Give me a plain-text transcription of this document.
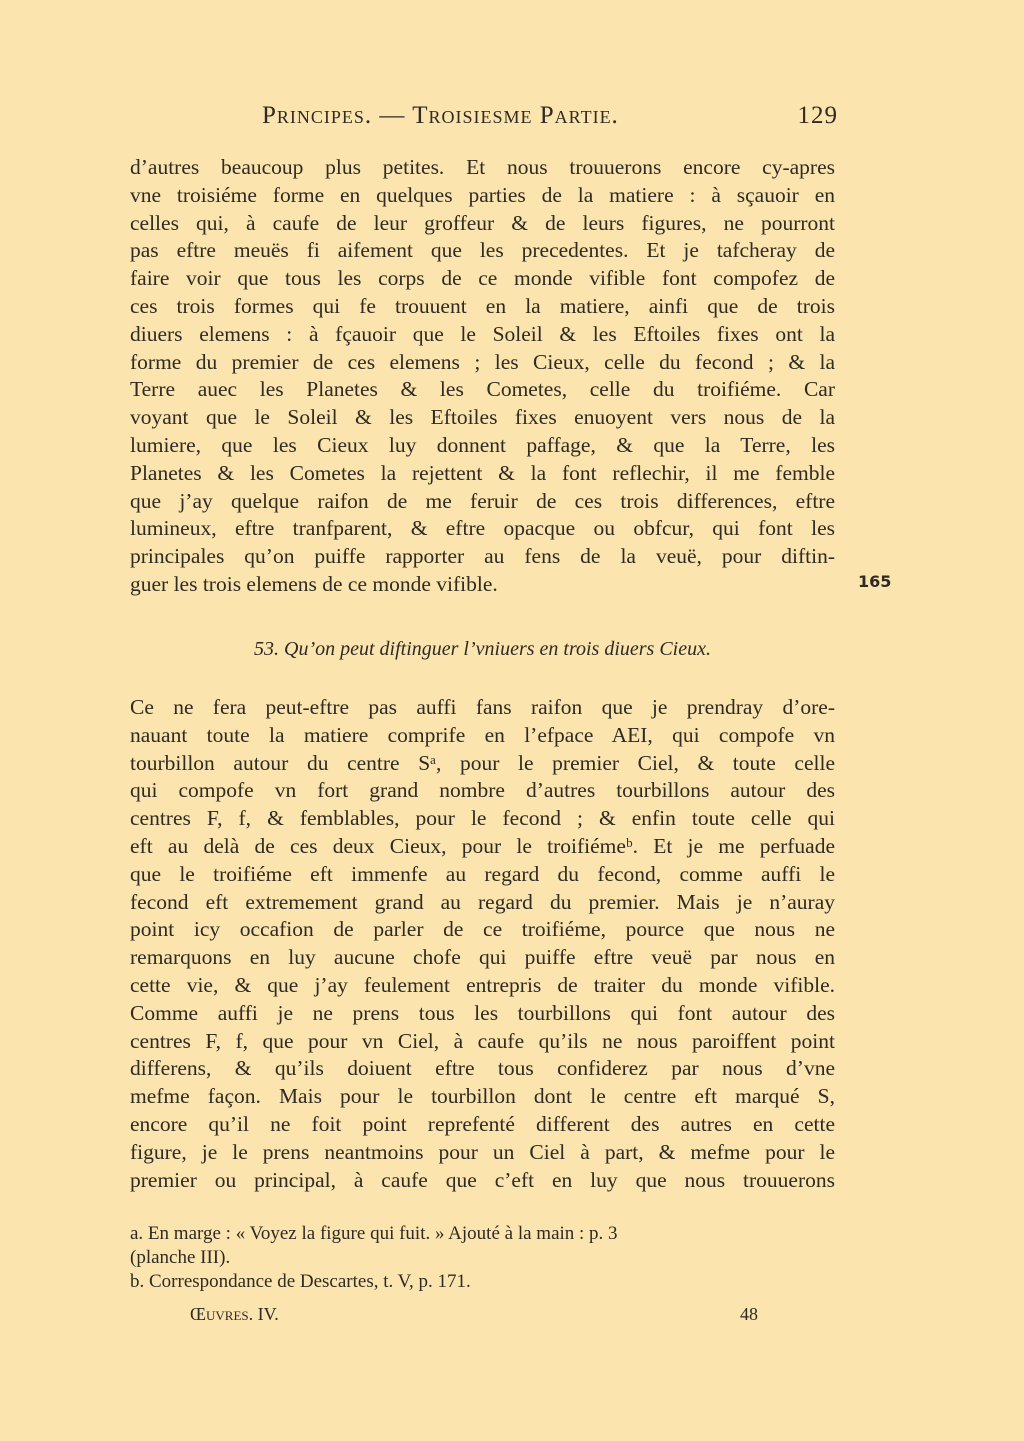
Principes. — Troisiesme Partie.	129
d’autres beaucoup plus petites. Et nous trouuerons encore cy-apres
vne troisiéme forme en quelques parties de la matiere : à sçauoir en
celles qui, à caufe de leur groffeur & de leurs figures, ne pourront
pas eftre meuës fi aifement que les precedentes. Et je tafcheray de
faire voir que tous les corps de ce monde vifible font compofez de
ces trois formes qui fe trouuent en la matiere, ainfi que de trois
diuers elemens : à fçauoir que le Soleil & les Eftoiles fixes ont la
forme du premier de ces elemens ; les Cieux, celle du fecond ; & la
Terre auec les Planetes & les Cometes, celle du troifiéme. Car
voyant que le Soleil & les Eftoiles fixes enuoyent vers nous de la
lumiere, que les Cieux luy donnent paffage, & que la Terre, les
Planetes & les Cometes la rejettent & la font reflechir, il me femble
que j’ay quelque raifon de me feruir de ces trois differences, eftre
lumineux, eftre tranfparent, & eftre opacque ou obfcur, qui font les
principales qu’on puiffe rapporter au fens de la veuë, pour diftin-
guer les trois elemens de ce monde vifible.	165
53. Qu’on peut diftinguer l’vniuers en trois diuers Cieux.
Ce ne fera peut-eftre pas auffi fans raifon que je prendray d’ore-
nauant toute la matiere comprife en l’efpace AEI, qui compofe vn
tourbillon autour du centre Sᵃ, pour le premier Ciel, & toute celle
qui compofe vn fort grand nombre d’autres tourbillons autour des
centres F, f, & femblables, pour le fecond ; & enfin toute celle qui
eft au delà de ces deux Cieux, pour le troifiémeᵇ. Et je me perfuade
que le troifiéme eft immenfe au regard du fecond, comme auffi le
fecond eft extremement grand au regard du premier. Mais je n’auray
point icy occafion de parler de ce troifiéme, pource que nous ne
remarquons en luy aucune chofe qui puiffe eftre veuë par nous en
cette vie, & que j’ay feulement entrepris de traiter du monde vifible.
Comme auffi je ne prens tous les tourbillons qui font autour des
centres F, f, que pour vn Ciel, à caufe qu’ils ne nous paroiffent point
differens, & qu’ils doiuent eftre tous confiderez par nous d’vne
mefme façon. Mais pour le tourbillon dont le centre eft marqué S,
encore qu’il ne foit point reprefenté different des autres en cette
figure, je le prens neantmoins pour un Ciel à part, & mefme pour le
premier ou principal, à caufe que c’eft en luy que nous trouuerons
a. En marge : « Voyez la figure qui fuit. » Ajouté à la main : p. 3
(planche III).
b. Correspondance de Descartes, t. V, p. 171.
Œuvres. IV.	48
